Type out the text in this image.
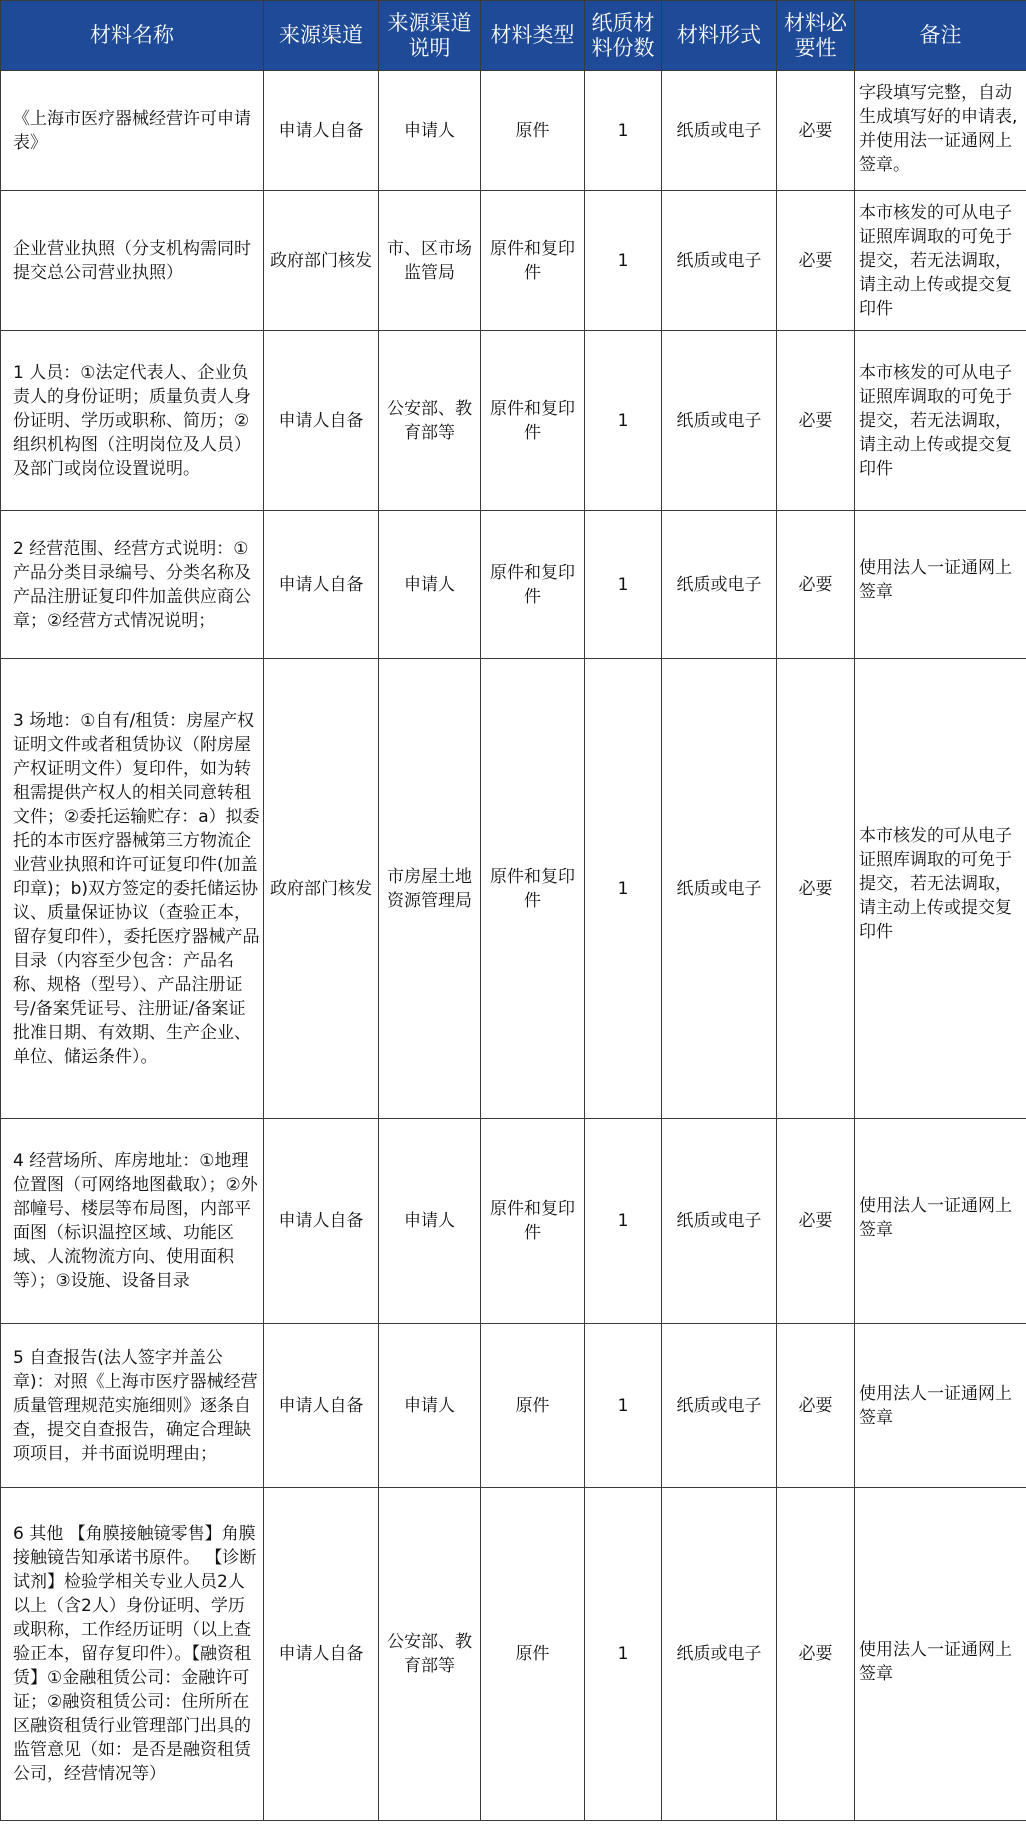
材料名称	来源渠道	来源渠道说明	材料类型	纸质材料份数	材料形式	材料必要性	备注
《上海市医疗器械经营许可申请表》	申请人自备	申请人	原件	1	纸质或电子	必要	字段填写完整，自动生成填写好的申请表,并使用法一证通网上签章。
企业营业执照（分支机构需同时提交总公司营业执照）	政府部门核发	市、区市场监管局	原件和复印件	1	纸质或电子	必要	本市核发的可从电子证照库调取的可免于提交，若无法调取，请主动上传或提交复印件
1 人员：①法定代表人、企业负责人的身份证明；质量负责人身份证明、学历或职称、简历；②组织机构图（注明岗位及人员）及部门或岗位设置说明。	申请人自备	公安部、教育部等	原件和复印件	1	纸质或电子	必要	本市核发的可从电子证照库调取的可免于提交，若无法调取，请主动上传或提交复印件
2 经营范围、经营方式说明：①产品分类目录编号、分类名称及产品注册证复印件加盖供应商公章；②经营方式情况说明；	申请人自备	申请人	原件和复印件	1	纸质或电子	必要	使用法人一证通网上签章
3 场地：①自有/租赁：房屋产权证明文件或者租赁协议（附房屋产权证明文件）复印件，如为转租需提供产权人的相关同意转租文件；②委托运输贮存：a）拟委托的本市医疗器械第三方物流企业营业执照和许可证复印件(加盖印章)；b)双方签定的委托储运协议、质量保证协议（查验正本，留存复印件），委托医疗器械产品目录（内容至少包含：产品名称、规格（型号）、产品注册证号/备案凭证号、注册证/备案证批准日期、有效期、生产企业、单位、储运条件）。	政府部门核发	市房屋土地资源管理局	原件和复印件	1	纸质或电子	必要	本市核发的可从电子证照库调取的可免于提交，若无法调取，请主动上传或提交复印件
4 经营场所、库房地址：①地理位置图（可网络地图截取）；②外部幢号、楼层等布局图，内部平面图（标识温控区域、功能区域、人流物流方向、使用面积等）；③设施、设备目录	申请人自备	申请人	原件和复印件	1	纸质或电子	必要	使用法人一证通网上签章
5 自查报告(法人签字并盖公章)：对照《上海市医疗器械经营质量管理规范实施细则》逐条自查，提交自查报告，确定合理缺项项目，并书面说明理由；	申请人自备	申请人	原件	1	纸质或电子	必要	使用法人一证通网上签章
6 其他 【角膜接触镜零售】角膜接触镜告知承诺书原件。 【诊断试剂】检验学相关专业人员2人以上（含2人）身份证明、学历或职称，工作经历证明（以上查验正本，留存复印件）。【融资租赁】①金融租赁公司：金融许可证；②融资租赁公司：住所所在区融资租赁行业管理部门出具的监管意见（如：是否是融资租赁公司，经营情况等）	申请人自备	公安部、教育部等	原件	1	纸质或电子	必要	使用法人一证通网上签章
